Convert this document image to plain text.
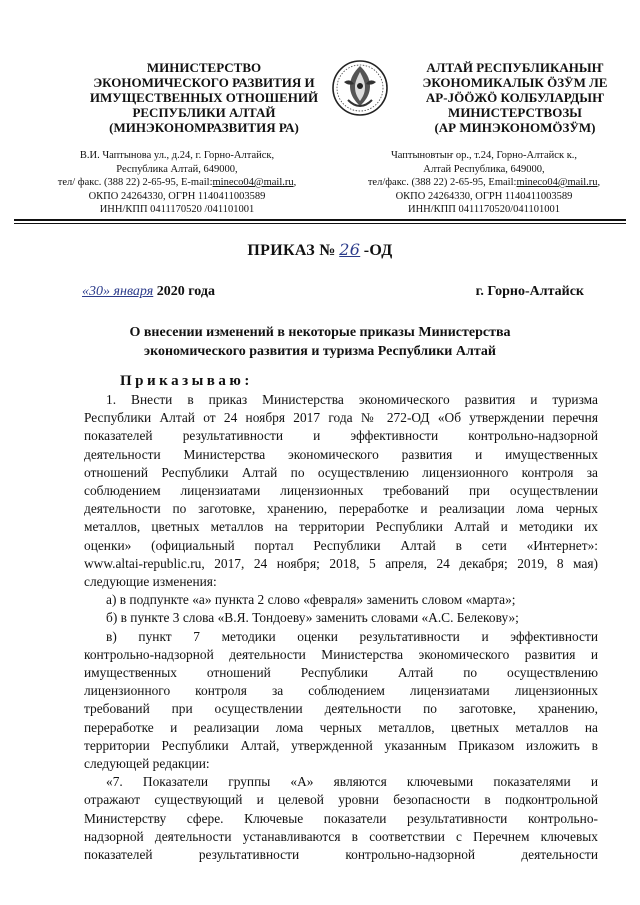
МИНИСТЕРСТВО
ЭКОНОМИЧЕСКОГО РАЗВИТИЯ И
ИМУЩЕСТВЕННЫХ ОТНОШЕНИЙ
РЕСПУБЛИКИ АЛТАЙ
(МИНЭКОНОМРАЗВИТИЯ РА)
АЛТАЙ РЕСПУБЛИКАНЫҤ
ЭКОНОМИКАЛЫК ÖЗӰМ ЛЕ
АР-JÖÖЖÖ КОЛБУЛАРДЫҤ
МИНИСТЕРСТВОЗЫ
(АР МИНЭКОНОМÖЗӰМ)
В.И. Чаптынова ул., д.24, г. Горно-Алтайск,
Республика Алтай, 649000,
тел/ факс. (388 22) 2-65-95, E-mail:mineco04@mail.ru,
ОКПО 24264330, ОГРН 1140411003589
ИНН/КПП 0411170520 /041101001
Чаптыновтыҥ ор., т.24, Горно-Алтайск к.,
Алтай Республика, 649000,
тел/факс. (388 22) 2-65-95, Email:mineco04@mail.ru,
ОКПО 24264330, ОГРН 1140411003589
ИНН/КПП 0411170520/041101001
ПРИКАЗ № 26 -ОД
«30» января 2020 года	г. Горно-Алтайск
О внесении изменений в некоторые приказы Министерства
экономического развития и туризма Республики Алтай
Приказываю:
1. Внести в приказ Министерства экономического развития и туризма
Республики Алтай от 24 ноября 2017 года № 272-ОД «Об утверждении перечня
показателей результативности и эффективности контрольно-надзорной
деятельности Министерства экономического развития и имущественных
отношений Республики Алтай по осуществлению лицензионного контроля за
соблюдением лицензиатами лицензионных требований при осуществлении
деятельности по заготовке, хранению, переработке и реализации лома черных
металлов, цветных металлов на территории Республики Алтай и методики их
оценки» (официальный портал Республики Алтай в сети «Интернет»:
www.altai-republic.ru, 2017, 24 ноября; 2018, 5 апреля, 24 декабря; 2019, 8 мая)
следующие изменения:
а) в подпункте «а» пункта 2 слово «февраля» заменить словом «марта»;
б) в пункте 3 слова «В.Я. Тондоеву» заменить словами «А.С. Белекову»;
в) пункт 7 методики оценки результативности и эффективности
контрольно-надзорной деятельности Министерства экономического развития и
имущественных отношений Республики Алтай по осуществлению
лицензионного контроля за соблюдением лицензиатами лицензионных
требований при осуществлении деятельности по заготовке, хранению,
переработке и реализации лома черных металлов, цветных металлов на
территории Республики Алтай, утвержденной указанным Приказом изложить в
следующей редакции:
«7. Показатели группы «А» являются ключевыми показателями и
отражают существующий и целевой уровни безопасности в подконтрольной
Министерству сфере. Ключевые показатели результативности контрольно-
надзорной деятельности устанавливаются в соответствии с Перечнем ключевых
показателей результативности контрольно-надзорной деятельности
